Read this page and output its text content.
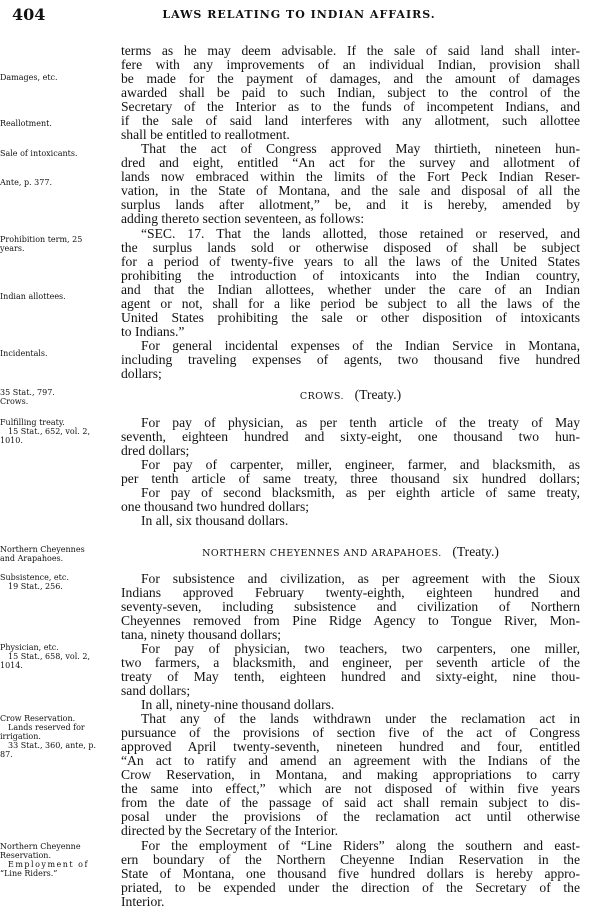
404	LAWS RELATING TO INDIAN AFFAIRS.
Damages, etc.
Reallotment.
Sale of intoxicants.
Ante, p. 377.
Prohibition term, 25
years.
Indian allottees.
Incidentals.
35 Stat., 797.
Crows.
Fulfilling treaty.
15 Stat., 652, vol. 2,
1010.
Northern Cheyennes
and Arapahoes.
Subsistence, etc.
19 Stat., 256.
Physician, etc.
15 Stat., 658, vol. 2,
1014.
Crow Reservation.
Lands reserved for
irrigation.
33 Stat., 360, ante, p.
87.
Northern Cheyenne
Reservation.
Employment of
“Line Riders.”
CROWS. (Treaty.)
NORTHERN CHEYENNES AND ARAPAHOES. (Treaty.)
terms as he may deem advisable. If the sale of said land shall inter-
fere with any improvements of an individual Indian, provision shall
be made for the payment of damages, and the amount of damages
awarded shall be paid to such Indian, subject to the control of the
Secretary of the Interior as to the funds of incompetent Indians, and
if the sale of said land interferes with any allotment, such allottee
shall be entitled to reallotment.
That the act of Congress approved May thirtieth, nineteen hun-
dred and eight, entitled “An act for the survey and allotment of
lands now embraced within the limits of the Fort Peck Indian Reser-
vation, in the State of Montana, and the sale and disposal of all the
surplus lands after allotment,” be, and it is hereby, amended by
adding thereto section seventeen, as follows:
“SEC. 17. That the lands allotted, those retained or reserved, and
the surplus lands sold or otherwise disposed of shall be subject
for a period of twenty-five years to all the laws of the United States
prohibiting the introduction of intoxicants into the Indian country,
and that the Indian allottees, whether under the care of an Indian
agent or not, shall for a like period be subject to all the laws of the
United States prohibiting the sale or other disposition of intoxicants
to Indians.”
For general incidental expenses of the Indian Service in Montana,
including traveling expenses of agents, two thousand five hundred
dollars;
For pay of physician, as per tenth article of the treaty of May
seventh, eighteen hundred and sixty-eight, one thousand two hun-
dred dollars;
For pay of carpenter, miller, engineer, farmer, and blacksmith, as
per tenth article of same treaty, three thousand six hundred dollars;
For pay of second blacksmith, as per eighth article of same treaty,
one thousand two hundred dollars;
In all, six thousand dollars.
For subsistence and civilization, as per agreement with the Sioux
Indians approved February twenty-eighth, eighteen hundred and
seventy-seven, including subsistence and civilization of Northern
Cheyennes removed from Pine Ridge Agency to Tongue River, Mon-
tana, ninety thousand dollars;
For pay of physician, two teachers, two carpenters, one miller,
two farmers, a blacksmith, and engineer, per seventh article of the
treaty of May tenth, eighteen hundred and sixty-eight, nine thou-
sand dollars;
In all, ninety-nine thousand dollars.
That any of the lands withdrawn under the reclamation act in
pursuance of the provisions of section five of the act of Congress
approved April twenty-seventh, nineteen hundred and four, entitled
“An act to ratify and amend an agreement with the Indians of the
Crow Reservation, in Montana, and making appropriations to carry
the same into effect,” which are not disposed of within five years
from the date of the passage of said act shall remain subject to dis-
posal under the provisions of the reclamation act until otherwise
directed by the Secretary of the Interior.
For the employment of “Line Riders” along the southern and east-
ern boundary of the Northern Cheyenne Indian Reservation in the
State of Montana, one thousand five hundred dollars is hereby appro-
priated, to be expended under the direction of the Secretary of the
Interior.
